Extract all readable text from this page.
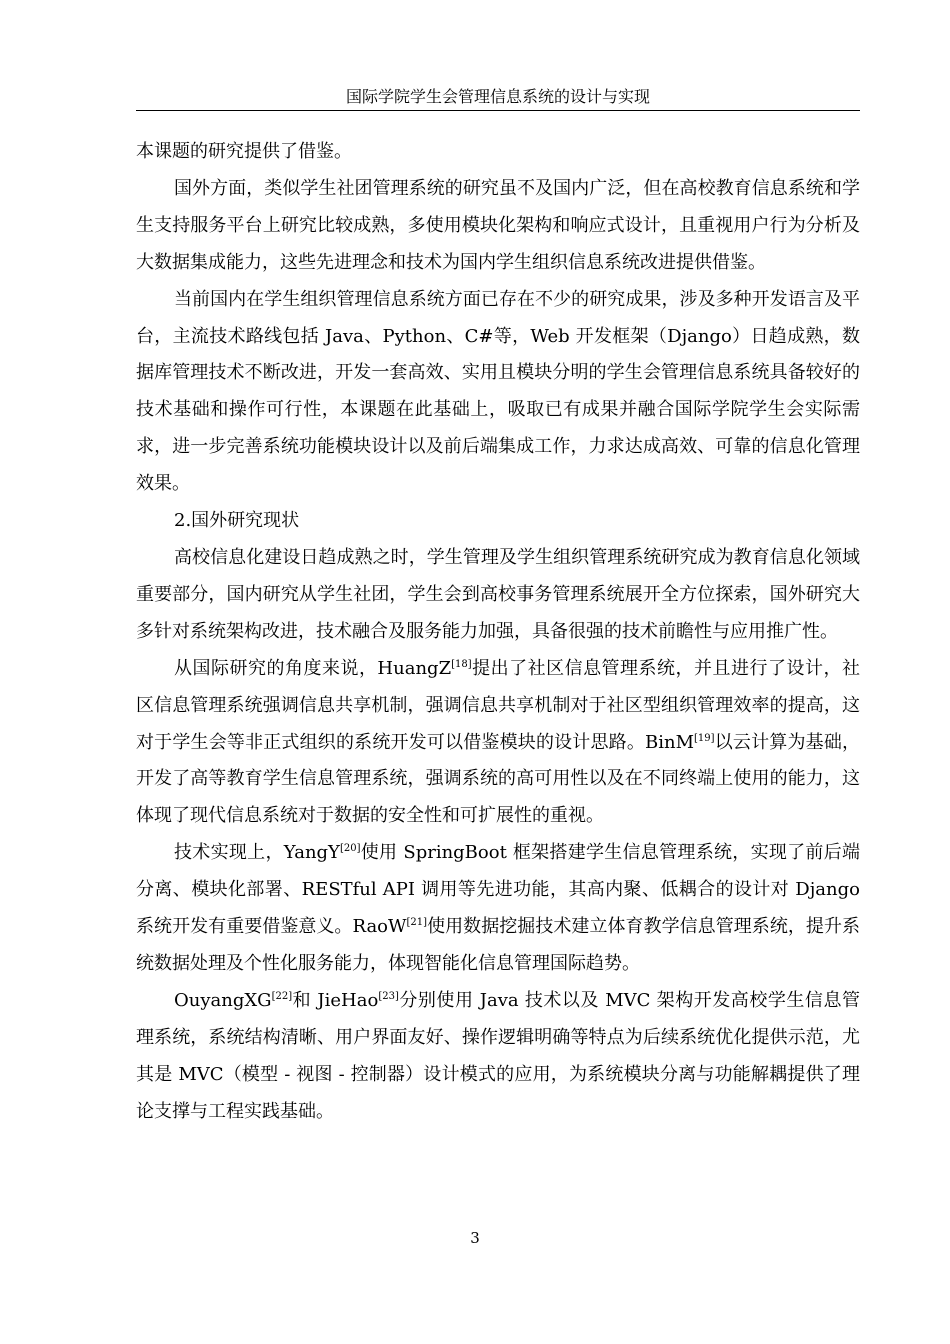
国际学院学生会管理信息系统的设计与实现

本课题的研究提供了借鉴。

国外方面，类似学生社团管理系统的研究虽不及国内广泛，但在高校教育信息系统和学生支持服务平台上研究比较成熟，多使用模块化架构和响应式设计，且重视用户行为分析及大数据集成能力，这些先进理念和技术为国内学生组织信息系统改进提供借鉴。

当前国内在学生组织管理信息系统方面已存在不少的研究成果，涉及多种开发语言及平台，主流技术路线包括 Java、Python、C#等，Web 开发框架（Django）日趋成熟，数据库管理技术不断改进，开发一套高效、实用且模块分明的学生会管理信息系统具备较好的技术基础和操作可行性，本课题在此基础上，吸取已有成果并融合国际学院学生会实际需求，进一步完善系统功能模块设计以及前后端集成工作，力求达成高效、可靠的信息化管理效果。

2.国外研究现状

高校信息化建设日趋成熟之时，学生管理及学生组织管理系统研究成为教育信息化领域重要部分，国内研究从学生社团，学生会到高校事务管理系统展开全方位探索，国外研究大多针对系统架构改进，技术融合及服务能力加强，具备很强的技术前瞻性与应用推广性。

从国际研究的角度来说，HuangZ[18]提出了社区信息管理系统，并且进行了设计，社区信息管理系统强调信息共享机制，强调信息共享机制对于社区型组织管理效率的提高，这对于学生会等非正式组织的系统开发可以借鉴模块的设计思路。BinM[19]以云计算为基础，开发了高等教育学生信息管理系统，强调系统的高可用性以及在不同终端上使用的能力，这体现了现代信息系统对于数据的安全性和可扩展性的重视。

技术实现上，YangY[20]使用 SpringBoot 框架搭建学生信息管理系统，实现了前后端分离、模块化部署、RESTful API 调用等先进功能，其高内聚、低耦合的设计对 Django 系统开发有重要借鉴意义。RaoW[21]使用数据挖掘技术建立体育教学信息管理系统，提升系统数据处理及个性化服务能力，体现智能化信息管理国际趋势。

OuyangXG[22]和 JieHao[23]分别使用 Java 技术以及 MVC 架构开发高校学生信息管理系统，系统结构清晰、用户界面友好、操作逻辑明确等特点为后续系统优化提供示范，尤其是 MVC（模型 - 视图 - 控制器）设计模式的应用，为系统模块分离与功能解耦提供了理论支撑与工程实践基础。

3
